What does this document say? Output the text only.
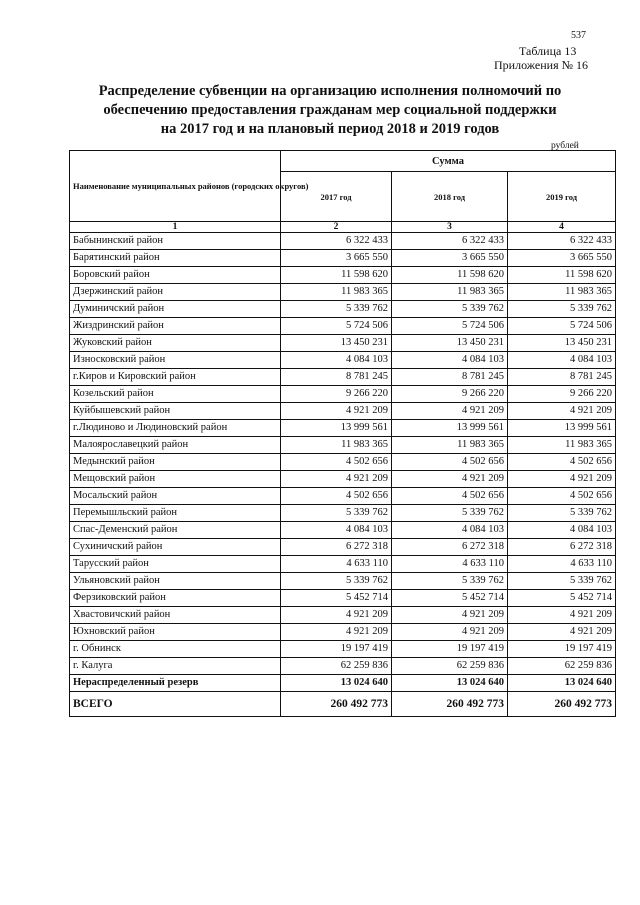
537
Таблица 13
Приложения № 16
Распределение субвенции на организацию исполнения полномочий по
обеспечению предоставления гражданам мер социальной поддержки
на 2017 год и на плановый период 2018 и 2019 годов
рублей
Наименование муниципальных районов (городских округов)	Сумма		
	2017 год	2018 год	2019 год
1	2	3	4
Бабынинский район	6 322 433	6 322 433	6 322 433
Барятинский район	3 665 550	3 665 550	3 665 550
Боровский район	11 598 620	11 598 620	11 598 620
Дзержинский район	11 983 365	11 983 365	11 983 365
Думиничский район	5 339 762	5 339 762	5 339 762
Жиздринский район	5 724 506	5 724 506	5 724 506
Жуковский район	13 450 231	13 450 231	13 450 231
Износковский район	4 084 103	4 084 103	4 084 103
г.Киров и Кировский район	8 781 245	8 781 245	8 781 245
Козельский район	9 266 220	9 266 220	9 266 220
Куйбышевский район	4 921 209	4 921 209	4 921 209
г.Людиново и Людиновский район	13 999 561	13 999 561	13 999 561
Малоярославецкий район	11 983 365	11 983 365	11 983 365
Медынский район	4 502 656	4 502 656	4 502 656
Мещовский район	4 921 209	4 921 209	4 921 209
Мосальский район	4 502 656	4 502 656	4 502 656
Перемышльский район	5 339 762	5 339 762	5 339 762
Спас-Деменский район	4 084 103	4 084 103	4 084 103
Сухиничский район	6 272 318	6 272 318	6 272 318
Тарусский район	4 633 110	4 633 110	4 633 110
Ульяновский район	5 339 762	5 339 762	5 339 762
Ферзиковский район	5 452 714	5 452 714	5 452 714
Хвастовичский район	4 921 209	4 921 209	4 921 209
Юхновский район	4 921 209	4 921 209	4 921 209
г. Обнинск	19 197 419	19 197 419	19 197 419
г. Калуга	62 259 836	62 259 836	62 259 836
Нераспределенный резерв	13 024 640	13 024 640	13 024 640
ВСЕГО	260 492 773	260 492 773	260 492 773
